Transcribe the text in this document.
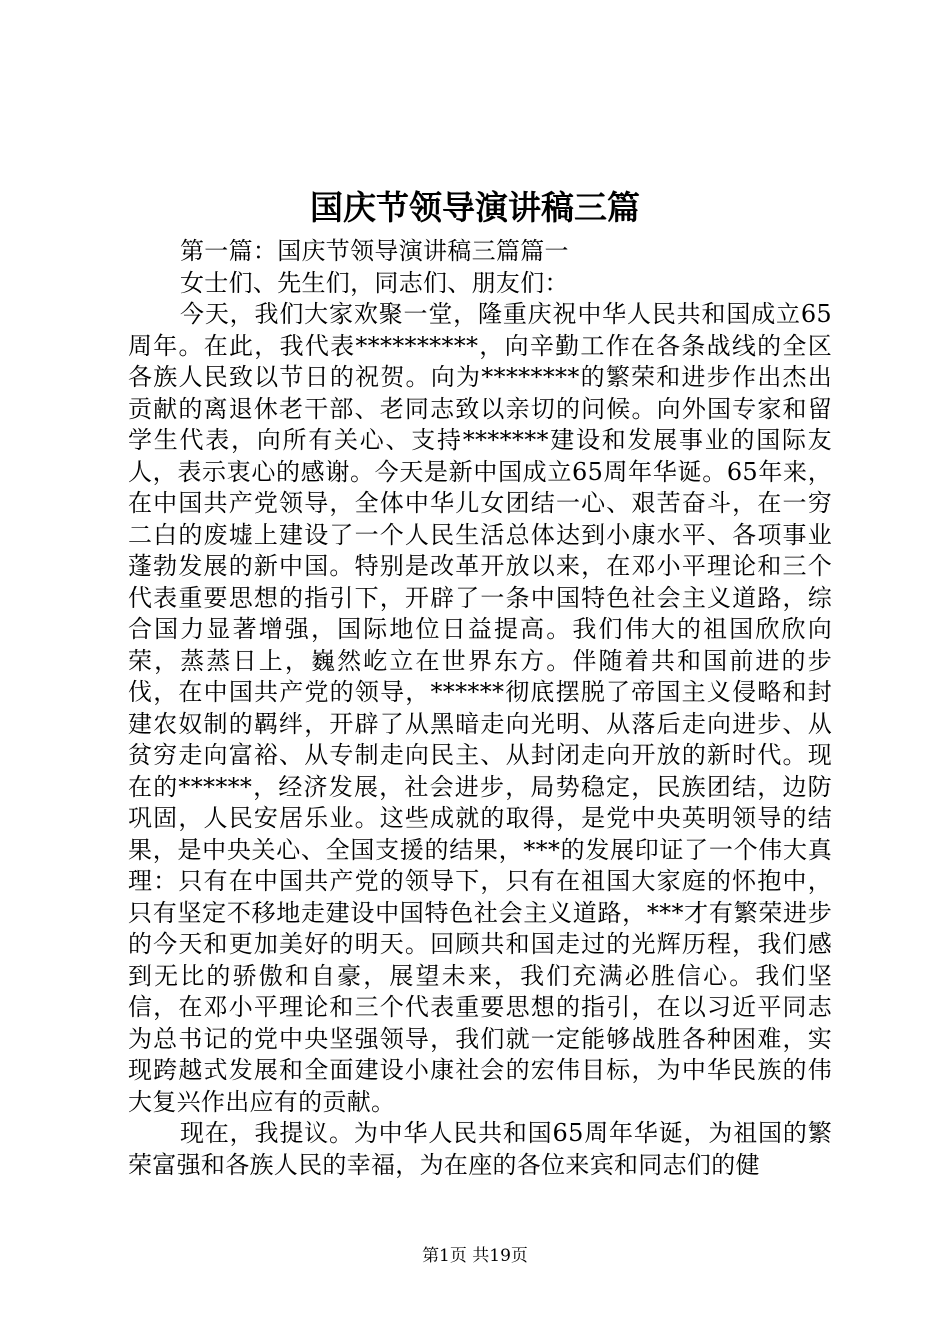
国庆节领导演讲稿三篇

第一篇：国庆节领导演讲稿三篇篇一

女士们、先生们，同志们、朋友们：

今天，我们大家欢聚一堂，隆重庆祝中华人民共和国成立65周年。在此，我代表**********，向辛勤工作在各条战线的全区各族人民致以节日的祝贺。向为********的繁荣和进步作出杰出贡献的离退休老干部、老同志致以亲切的问候。向外国专家和留学生代表，向所有关心、支持*******建设和发展事业的国际友人，表示衷心的感谢。今天是新中国成立65周年华诞。65年来，在中国共产党领导，全体中华儿女团结一心、艰苦奋斗，在一穷二白的废墟上建设了一个人民生活总体达到小康水平、各项事业蓬勃发展的新中国。特别是改革开放以来，在邓小平理论和三个代表重要思想的指引下，开辟了一条中国特色社会主义道路，综合国力显著增强，国际地位日益提高。我们伟大的祖国欣欣向荣，蒸蒸日上，巍然屹立在世界东方。伴随着共和国前进的步伐，在中国共产党的领导，******彻底摆脱了帝国主义侵略和封建农奴制的羁绊，开辟了从黑暗走向光明、从落后走向进步、从贫穷走向富裕、从专制走向民主、从封闭走向开放的新时代。现在的******，经济发展，社会进步，局势稳定，民族团结，边防巩固，人民安居乐业。这些成就的取得，是党中央英明领导的结果，是中央关心、全国支援的结果，***的发展印证了一个伟大真理：只有在中国共产党的领导下，只有在祖国大家庭的怀抱中，只有坚定不移地走建设中国特色社会主义道路，***才有繁荣进步的今天和更加美好的明天。回顾共和国走过的光辉历程，我们感到无比的骄傲和自豪，展望未来，我们充满必胜信心。我们坚信，在邓小平理论和三个代表重要思想的指引，在以习近平同志为总书记的党中央坚强领导，我们就一定能够战胜各种困难，实现跨越式发展和全面建设小康社会的宏伟目标，为中华民族的伟大复兴作出应有的贡献。

现在，我提议。为中华人民共和国65周年华诞，为祖国的繁荣富强和各族人民的幸福，为在座的各位来宾和同志们的健

第1页 共19页
